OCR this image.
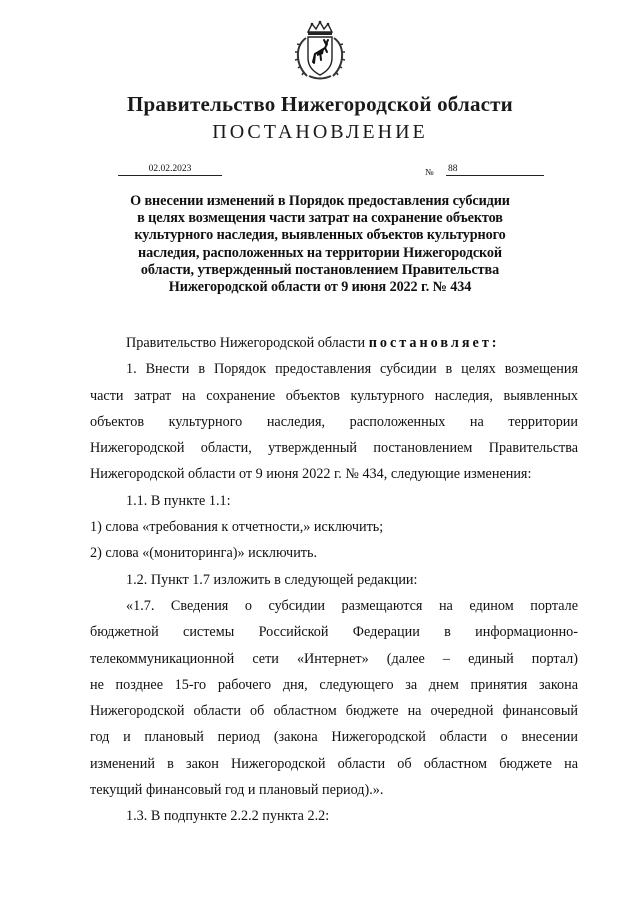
Правительство Нижегородской области
ПОСТАНОВЛЕНИЕ
02.02.2023	№ 88
О внесении изменений в Порядок предоставления субсидии
в целях возмещения части затрат на сохранение объектов
культурного наследия, выявленных объектов культурного
наследия, расположенных на территории Нижегородской
области, утвержденный постановлением Правительства
Нижегородской области от 9 июня 2022 г. № 434
Правительство Нижегородской области постановляет:
1. Внести в Порядок предоставления субсидии в целях возмещения
части затрат на сохранение объектов культурного наследия, выявленных
объектов культурного наследия, расположенных на территории
Нижегородской области, утвержденный постановлением Правительства
Нижегородской области от 9 июня 2022 г. № 434, следующие изменения:
1.1. В пункте 1.1:
1) слова «требования к отчетности,» исключить;
2) слова «(мониторинга)» исключить.
1.2. Пункт 1.7 изложить в следующей редакции:
«1.7. Сведения о субсидии размещаются на едином портале
бюджетной системы Российской Федерации в информационно-
телекоммуникационной сети «Интернет» (далее – единый портал)
не позднее 15-го рабочего дня, следующего за днем принятия закона
Нижегородской области об областном бюджете на очередной финансовый
год и плановый период (закона Нижегородской области о внесении
изменений в закон Нижегородской области об областном бюджете на
текущий финансовый год и плановый период).».
1.3. В подпункте 2.2.2 пункта 2.2:
